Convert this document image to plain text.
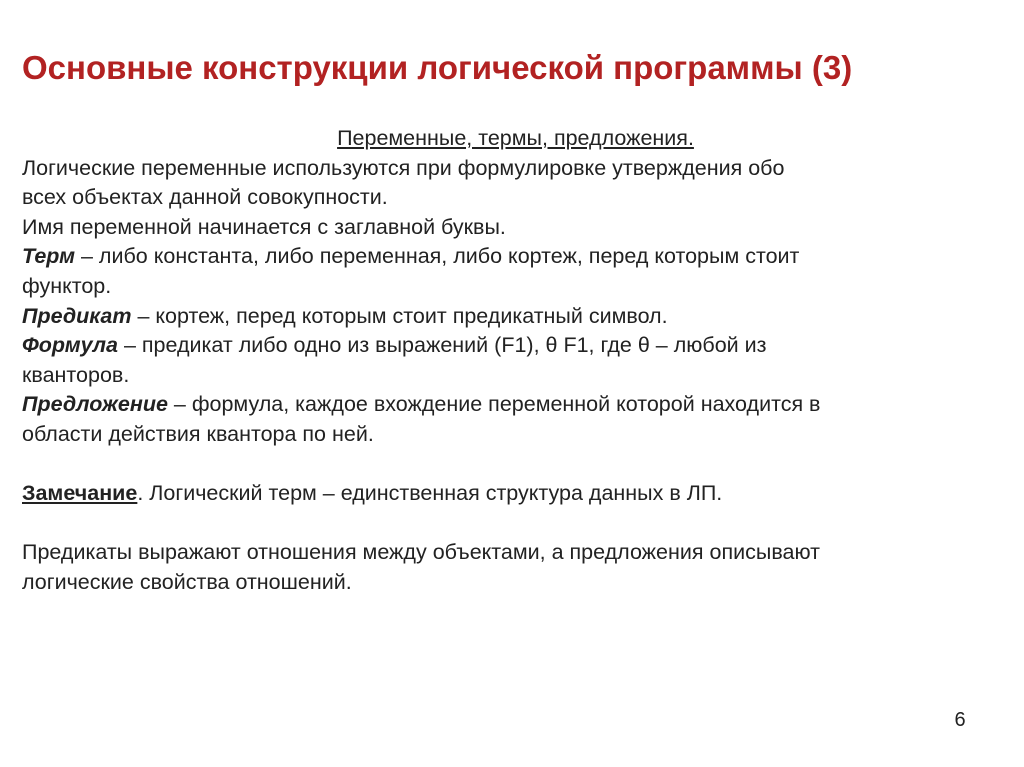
Основные конструкции логической программы (3)
Переменные, термы, предложения.
Логические переменные используются при формулировке утверждения обо
всех объектах данной совокупности.
Имя переменной начинается с заглавной буквы.
Терм – либо константа, либо переменная, либо кортеж, перед которым стоит
функтор.
Предикат – кортеж, перед которым стоит предикатный символ.
Формула – предикат либо одно из выражений (F1), θ F1, где θ – любой из
кванторов.
Предложение – формула, каждое вхождение переменной которой находится в
области действия квантора по ней.
Замечание. Логический терм – единственная структура данных в ЛП.
Предикаты выражают отношения между объектами, а предложения описывают
логические свойства отношений.
6
